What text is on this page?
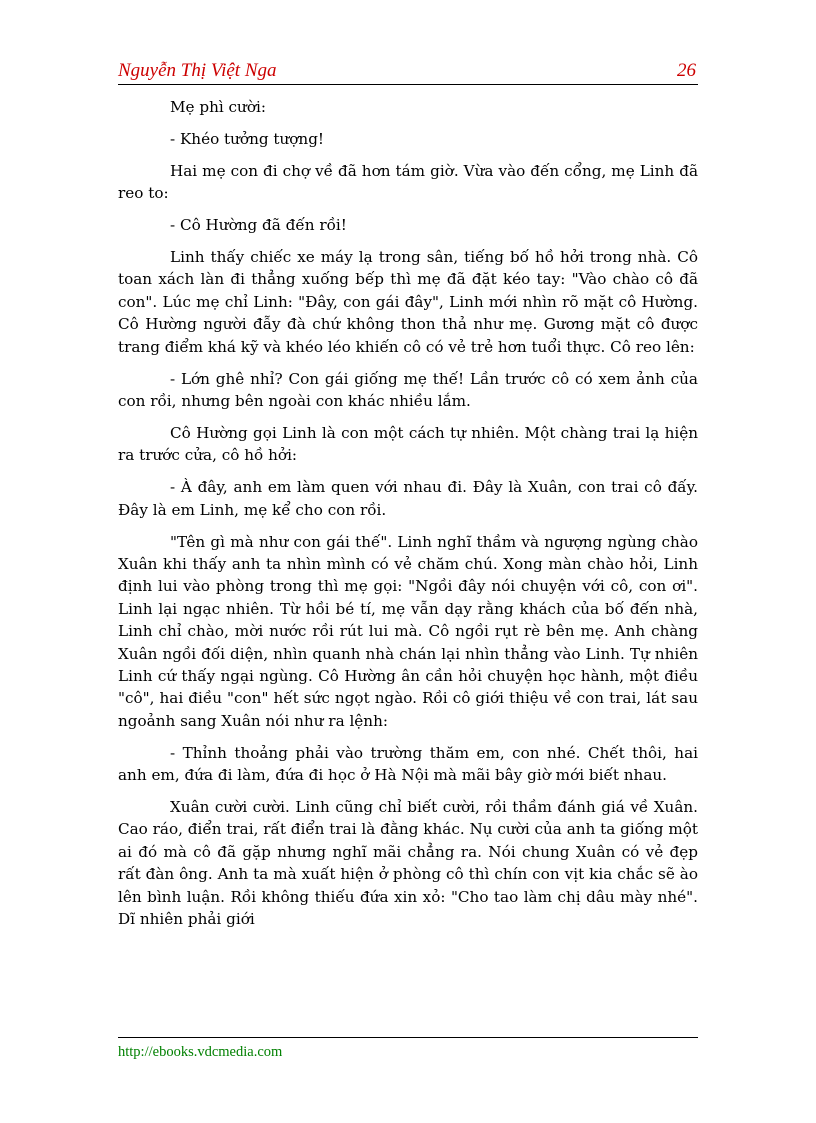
Nguyễn Thị Việt Nga	26

Mẹ phì cười:

- Khéo tưởng tượng!

Hai mẹ con đi chợ về đã hơn tám giờ. Vừa vào đến cổng, mẹ Linh đã reo to:

- Cô Hường đã đến rồi!

Linh thấy chiếc xe máy lạ trong sân, tiếng bố hồ hởi trong nhà. Cô toan xách làn đi thẳng xuống bếp thì mẹ đã đặt kéo tay: "Vào chào cô đã con". Lúc mẹ chỉ Linh: "Đây, con gái đây", Linh mới nhìn rõ mặt cô Hường. Cô Hường người đẫy đà chứ không thon thả như mẹ. Gương mặt cô được trang điểm khá kỹ và khéo léo khiến cô có vẻ trẻ hơn tuổi thực. Cô reo lên:

- Lớn ghê nhỉ? Con gái giống mẹ thế! Lần trước cô có xem ảnh của con rồi, nhưng bên ngoài con khác nhiều lắm.

Cô Hường gọi Linh là con một cách tự nhiên. Một chàng trai lạ hiện ra trước cửa, cô hồ hởi:

- À đây, anh em làm quen với nhau đi. Đây là Xuân, con trai cô đấy. Đây là em Linh, mẹ kể cho con rồi.

"Tên gì mà như con gái thế". Linh nghĩ thầm và ngượng ngùng chào Xuân khi thấy anh ta nhìn mình có vẻ chăm chú. Xong màn chào hỏi, Linh định lui vào phòng trong thì mẹ gọi: "Ngồi đây nói chuyện với cô, con ơi". Linh lại ngạc nhiên. Từ hồi bé tí, mẹ vẫn dạy rằng khách của bố đến nhà, Linh chỉ chào, mời nước rồi rút lui mà. Cô ngồi rụt rè bên mẹ. Anh chàng Xuân ngồi đối diện, nhìn quanh nhà chán lại nhìn thẳng vào Linh. Tự nhiên Linh cứ thấy ngại ngùng. Cô Hường ân cần hỏi chuyện học hành, một điều "cô", hai điều "con" hết sức ngọt ngào. Rồi cô giới thiệu về con trai, lát sau ngoảnh sang Xuân nói như ra lệnh:

- Thỉnh thoảng phải vào trường thăm em, con nhé. Chết thôi, hai anh em, đứa đi làm, đứa đi học ở Hà Nội mà mãi bây giờ mới biết nhau.

Xuân cười cười. Linh cũng chỉ biết cười, rồi thầm đánh giá về Xuân. Cao ráo, điển trai, rất điển trai là đằng khác. Nụ cười của anh ta giống một ai đó mà cô đã gặp nhưng nghĩ mãi chẳng ra. Nói chung Xuân có vẻ đẹp rất đàn ông. Anh ta mà xuất hiện ở phòng cô thì chín con vịt kia chắc sẽ ào lên bình luận. Rồi không thiếu đứa xin xỏ: "Cho tao làm chị dâu mày nhé". Dĩ nhiên phải giới

http://ebooks.vdcmedia.com
